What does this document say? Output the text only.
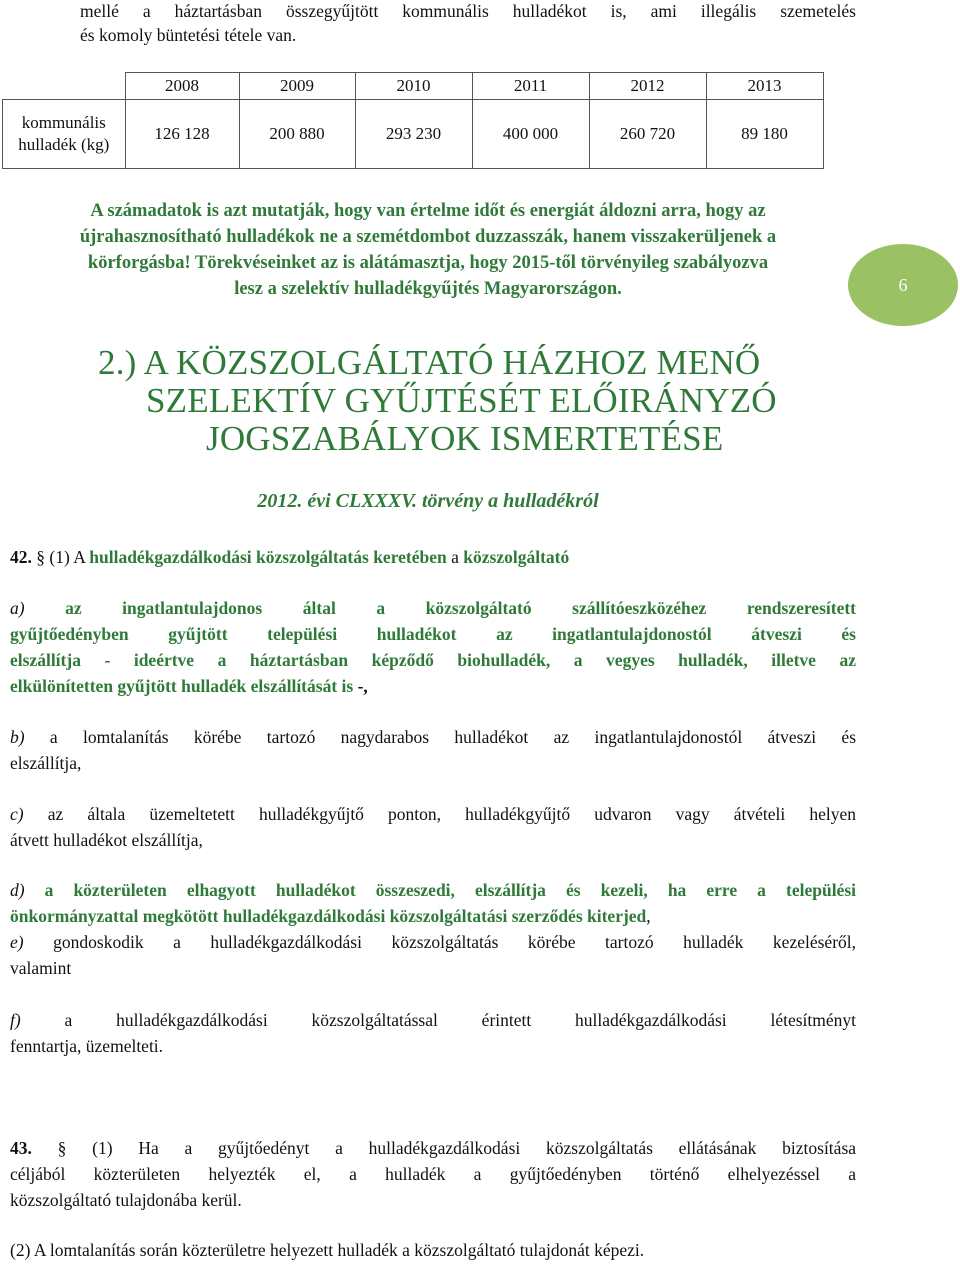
mellé a háztartásban összegyűjtött kommunális hulladékot is, ami illegális szemetelés
és komoly büntetési tétele van.
	2008	2009	2010	2011	2012	2013
kommunális hulladék (kg)	126 128	200 880	293 230	400 000	260 720	89 180
A számadatok is azt mutatják, hogy van értelme időt és energiát áldozni arra, hogy az
újrahasznosítható hulladékok ne a szemétdombot duzzasszák, hanem visszakerüljenek a
körforgásba! Törekvéseinket az is alátámasztja, hogy 2015-től törvényileg szabályozva
lesz a szelektív hulladékgyűjtés Magyarországon.	6
2.) A KÖZSZOLGÁLTATÓ HÁZHOZ MENŐ
SZELEKTÍV GYŰJTÉSÉT ELŐIRÁNYZÓ
JOGSZABÁLYOK ISMERTETÉSE
2012. évi CLXXXV. törvény a hulladékról
42. § (1) A hulladékgazdálkodási közszolgáltatás keretében a közszolgáltató
a) az ingatlantulajdonos által a közszolgáltató szállítóeszközéhez rendszeresített
gyűjtőedényben gyűjtött települési hulladékot az ingatlantulajdonostól átveszi és
elszállítja - ideértve a háztartásban képződő biohulladék, a vegyes hulladék, illetve az
elkülönítetten gyűjtött hulladék elszállítását is -,
b) a lomtalanítás körébe tartozó nagydarabos hulladékot az ingatlantulajdonostól átveszi és
elszállítja,
c) az általa üzemeltetett hulladékgyűjtő ponton, hulladékgyűjtő udvaron vagy átvételi helyen
átvett hulladékot elszállítja,
d) a közterületen elhagyott hulladékot összeszedi, elszállítja és kezeli, ha erre a települési
önkormányzattal megkötött hulladékgazdálkodási közszolgáltatási szerződés kiterjed,
e) gondoskodik a hulladékgazdálkodási közszolgáltatás körébe tartozó hulladék kezeléséről,
valamint
f)	a hulladékgazdálkodási közszolgáltatással érintett hulladékgazdálkodási létesítményt
fenntartja, üzemelteti.
43. § (1) Ha a gyűjtőedényt a hulladékgazdálkodási közszolgáltatás ellátásának biztosítása
céljából közterületen helyezték el, a hulladék a gyűjtőedényben történő elhelyezéssel a
közszolgáltató tulajdonába kerül.
(2) A lomtalanítás során közterületre helyezett hulladék a közszolgáltató tulajdonát képezi.
